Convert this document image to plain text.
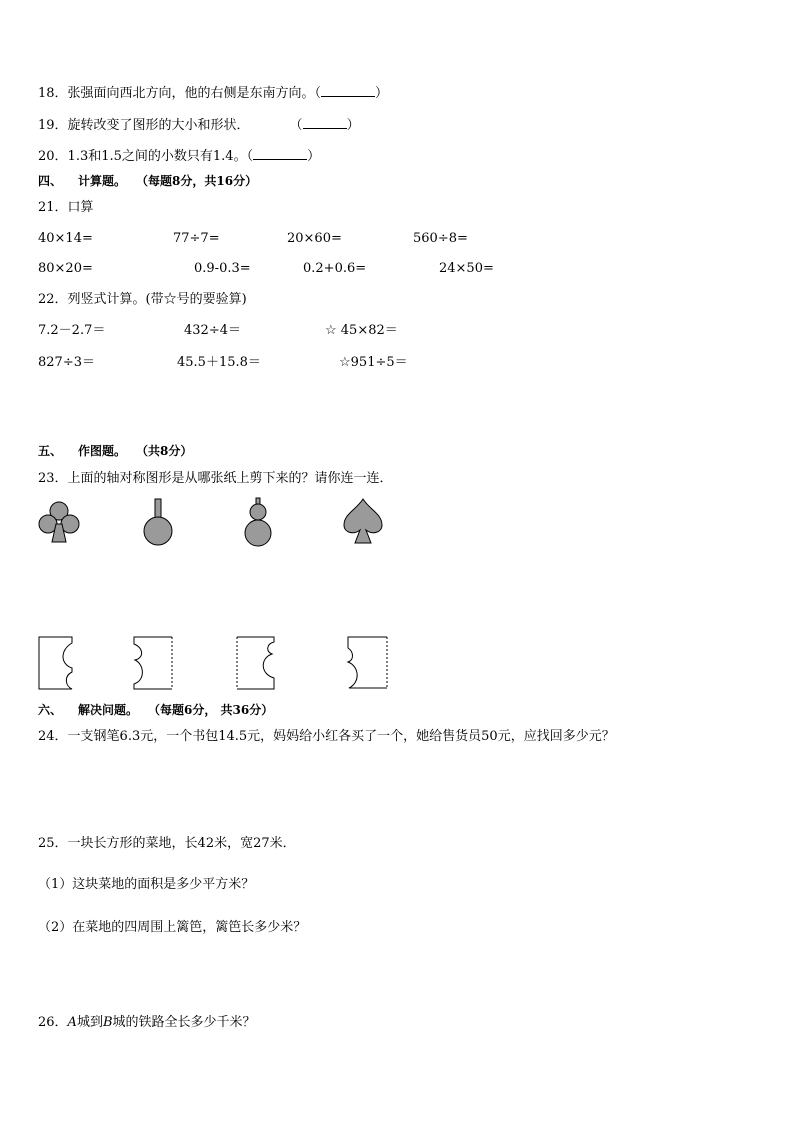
18．张强面向西北方向，他的右侧是东南方向。（	）
19．旋转改变了图形的大小和形状．	（	）
20．1.3和1.5之间的小数只有1.4。（	）
四、 计算题。 （每题8分，共16分）
21．口算
40×14=	77÷7=	20×60=	560÷8=
80×20=	0.9-0.3=	0.2+0.6=	24×50=
22．列竖式计算。(带☆号的要验算)
7.2－2.7＝	432÷4＝	☆ 45×82＝
827÷3＝	45.5＋15.8＝	☆951÷5＝
五、 作图题。 （共8分）
23．上面的轴对称图形是从哪张纸上剪下来的？请你连一连．
六、 解决问题。 （每题6分， 共36分）
24．一支钢笔6.3元，一个书包14.5元，妈妈给小红各买了一个，她给售货员50元，应找回多少元？
25．一块长方形的菜地，长42米，宽27米．
（1）这块菜地的面积是多少平方米？
（2）在菜地的四周围上篱笆，篱笆长多少米？
26．A城到B城的铁路全长多少千米？
